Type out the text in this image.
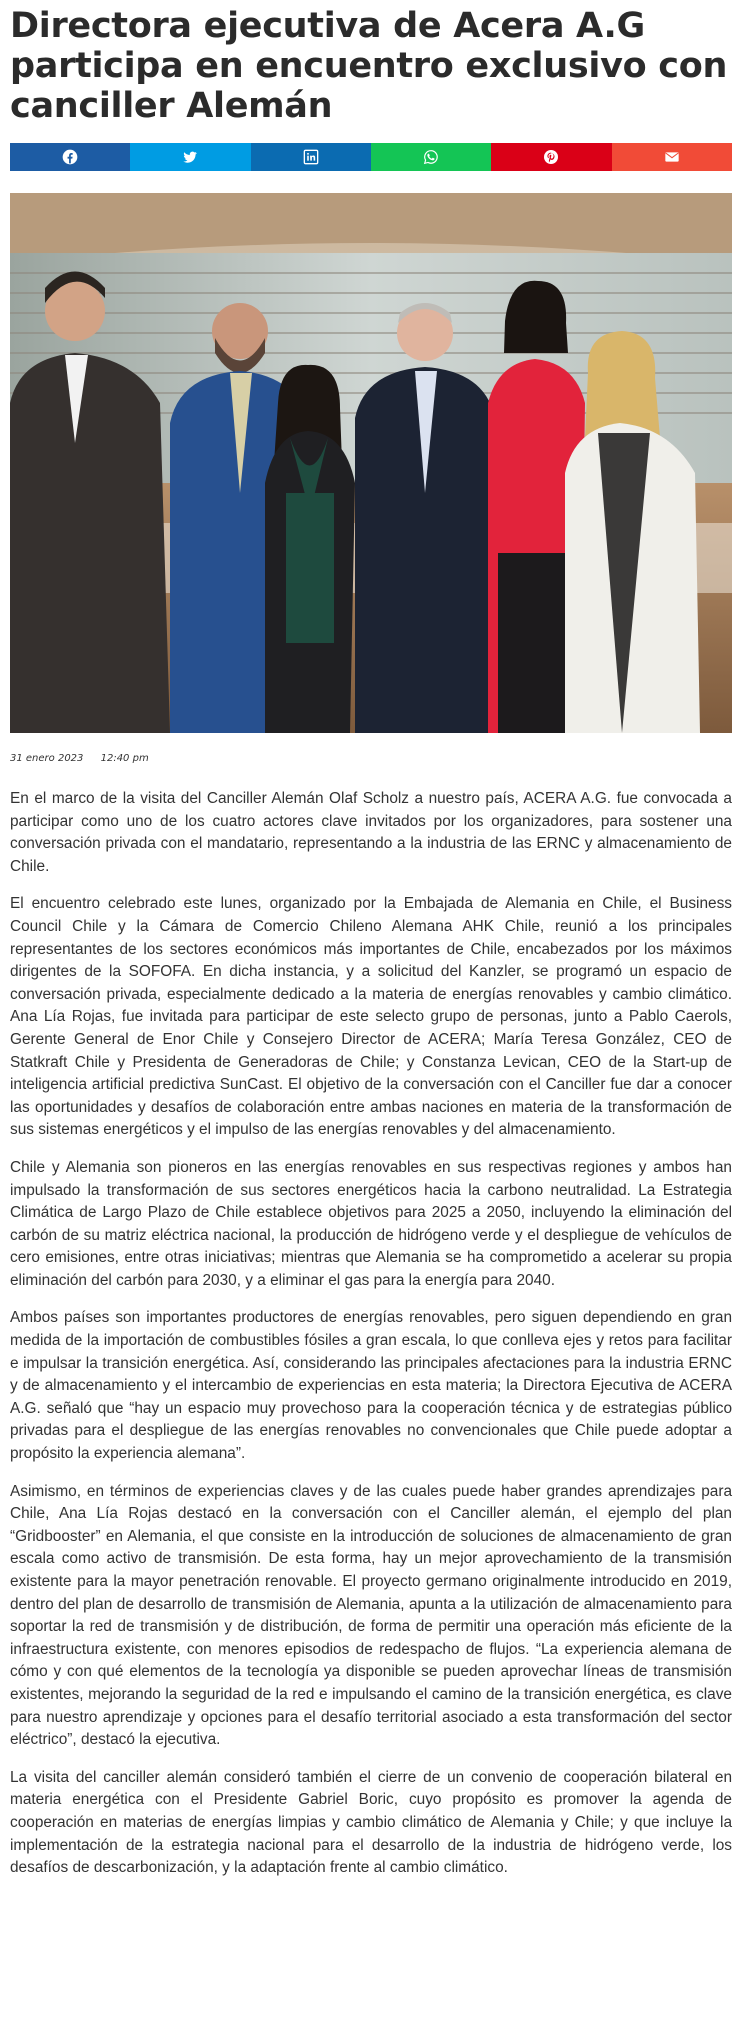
Directora ejecutiva de Acera A.G participa en encuentro exclusivo con canciller Alemán
31 enero 2023 12:40 pm

En el marco de la visita del Canciller Alemán Olaf Scholz a nuestro país, ACERA A.G. fue convocada a participar como uno de los cuatro actores clave invitados por los organizadores, para sostener una conversación privada con el mandatario, representando a la industria de las ERNC y almacenamiento de Chile.

El encuentro celebrado este lunes, organizado por la Embajada de Alemania en Chile, el Business Council Chile y la Cámara de Comercio Chileno Alemana AHK Chile, reunió a los principales representantes de los sectores económicos más importantes de Chile, encabezados por los máximos dirigentes de la SOFOFA. En dicha instancia, y a solicitud del Kanzler, se programó un espacio de conversación privada, especialmente dedicado a la materia de energías renovables y cambio climático. Ana Lía Rojas, fue invitada para participar de este selecto grupo de personas, junto a Pablo Caerols, Gerente General de Enor Chile y Consejero Director de ACERA; María Teresa González, CEO de Statkraft Chile y Presidenta de Generadoras de Chile; y Constanza Levican, CEO de la Start-up de inteligencia artificial predictiva SunCast. El objetivo de la conversación con el Canciller fue dar a conocer las oportunidades y desafíos de colaboración entre ambas naciones en materia de la transformación de sus sistemas energéticos y el impulso de las energías renovables y del almacenamiento.

Chile y Alemania son pioneros en las energías renovables en sus respectivas regiones y ambos han impulsado la transformación de sus sectores energéticos hacia la carbono neutralidad. La Estrategia Climática de Largo Plazo de Chile establece objetivos para 2025 a 2050, incluyendo la eliminación del carbón de su matriz eléctrica nacional, la producción de hidrógeno verde y el despliegue de vehículos de cero emisiones, entre otras iniciativas; mientras que Alemania se ha comprometido a acelerar su propia eliminación del carbón para 2030, y a eliminar el gas para la energía para 2040.

Ambos países son importantes productores de energías renovables, pero siguen dependiendo en gran medida de la importación de combustibles fósiles a gran escala, lo que conlleva ejes y retos para facilitar e impulsar la transición energética. Así, considerando las principales afectaciones para la industria ERNC y de almacenamiento y el intercambio de experiencias en esta materia; la Directora Ejecutiva de ACERA A.G. señaló que “hay un espacio muy provechoso para la cooperación técnica y de estrategias público privadas para el despliegue de las energías renovables no convencionales que Chile puede adoptar a propósito la experiencia alemana”.

Asimismo, en términos de experiencias claves y de las cuales puede haber grandes aprendizajes para Chile, Ana Lía Rojas destacó en la conversación con el Canciller alemán, el ejemplo del plan “Gridbooster” en Alemania, el que consiste en la introducción de soluciones de almacenamiento de gran escala como activo de transmisión. De esta forma, hay un mejor aprovechamiento de la transmisión existente para la mayor penetración renovable. El proyecto germano originalmente introducido en 2019, dentro del plan de desarrollo de transmisión de Alemania, apunta a la utilización de almacenamiento para soportar la red de transmisión y de distribución, de forma de permitir una operación más eficiente de la infraestructura existente, con menores episodios de redespacho de flujos. “La experiencia alemana de cómo y con qué elementos de la tecnología ya disponible se pueden aprovechar líneas de transmisión existentes, mejorando la seguridad de la red e impulsando el camino de la transición energética, es clave para nuestro aprendizaje y opciones para el desafío territorial asociado a esta transformación del sector eléctrico”, destacó la ejecutiva.

La visita del canciller alemán consideró también el cierre de un convenio de cooperación bilateral en materia energética con el Presidente Gabriel Boric, cuyo propósito es promover la agenda de cooperación en materias de energías limpias y cambio climático de Alemania y Chile; y que incluye la implementación de la estrategia nacional para el desarrollo de la industria de hidrógeno verde, los desafíos de descarbonización, y la adaptación frente al cambio climático.
